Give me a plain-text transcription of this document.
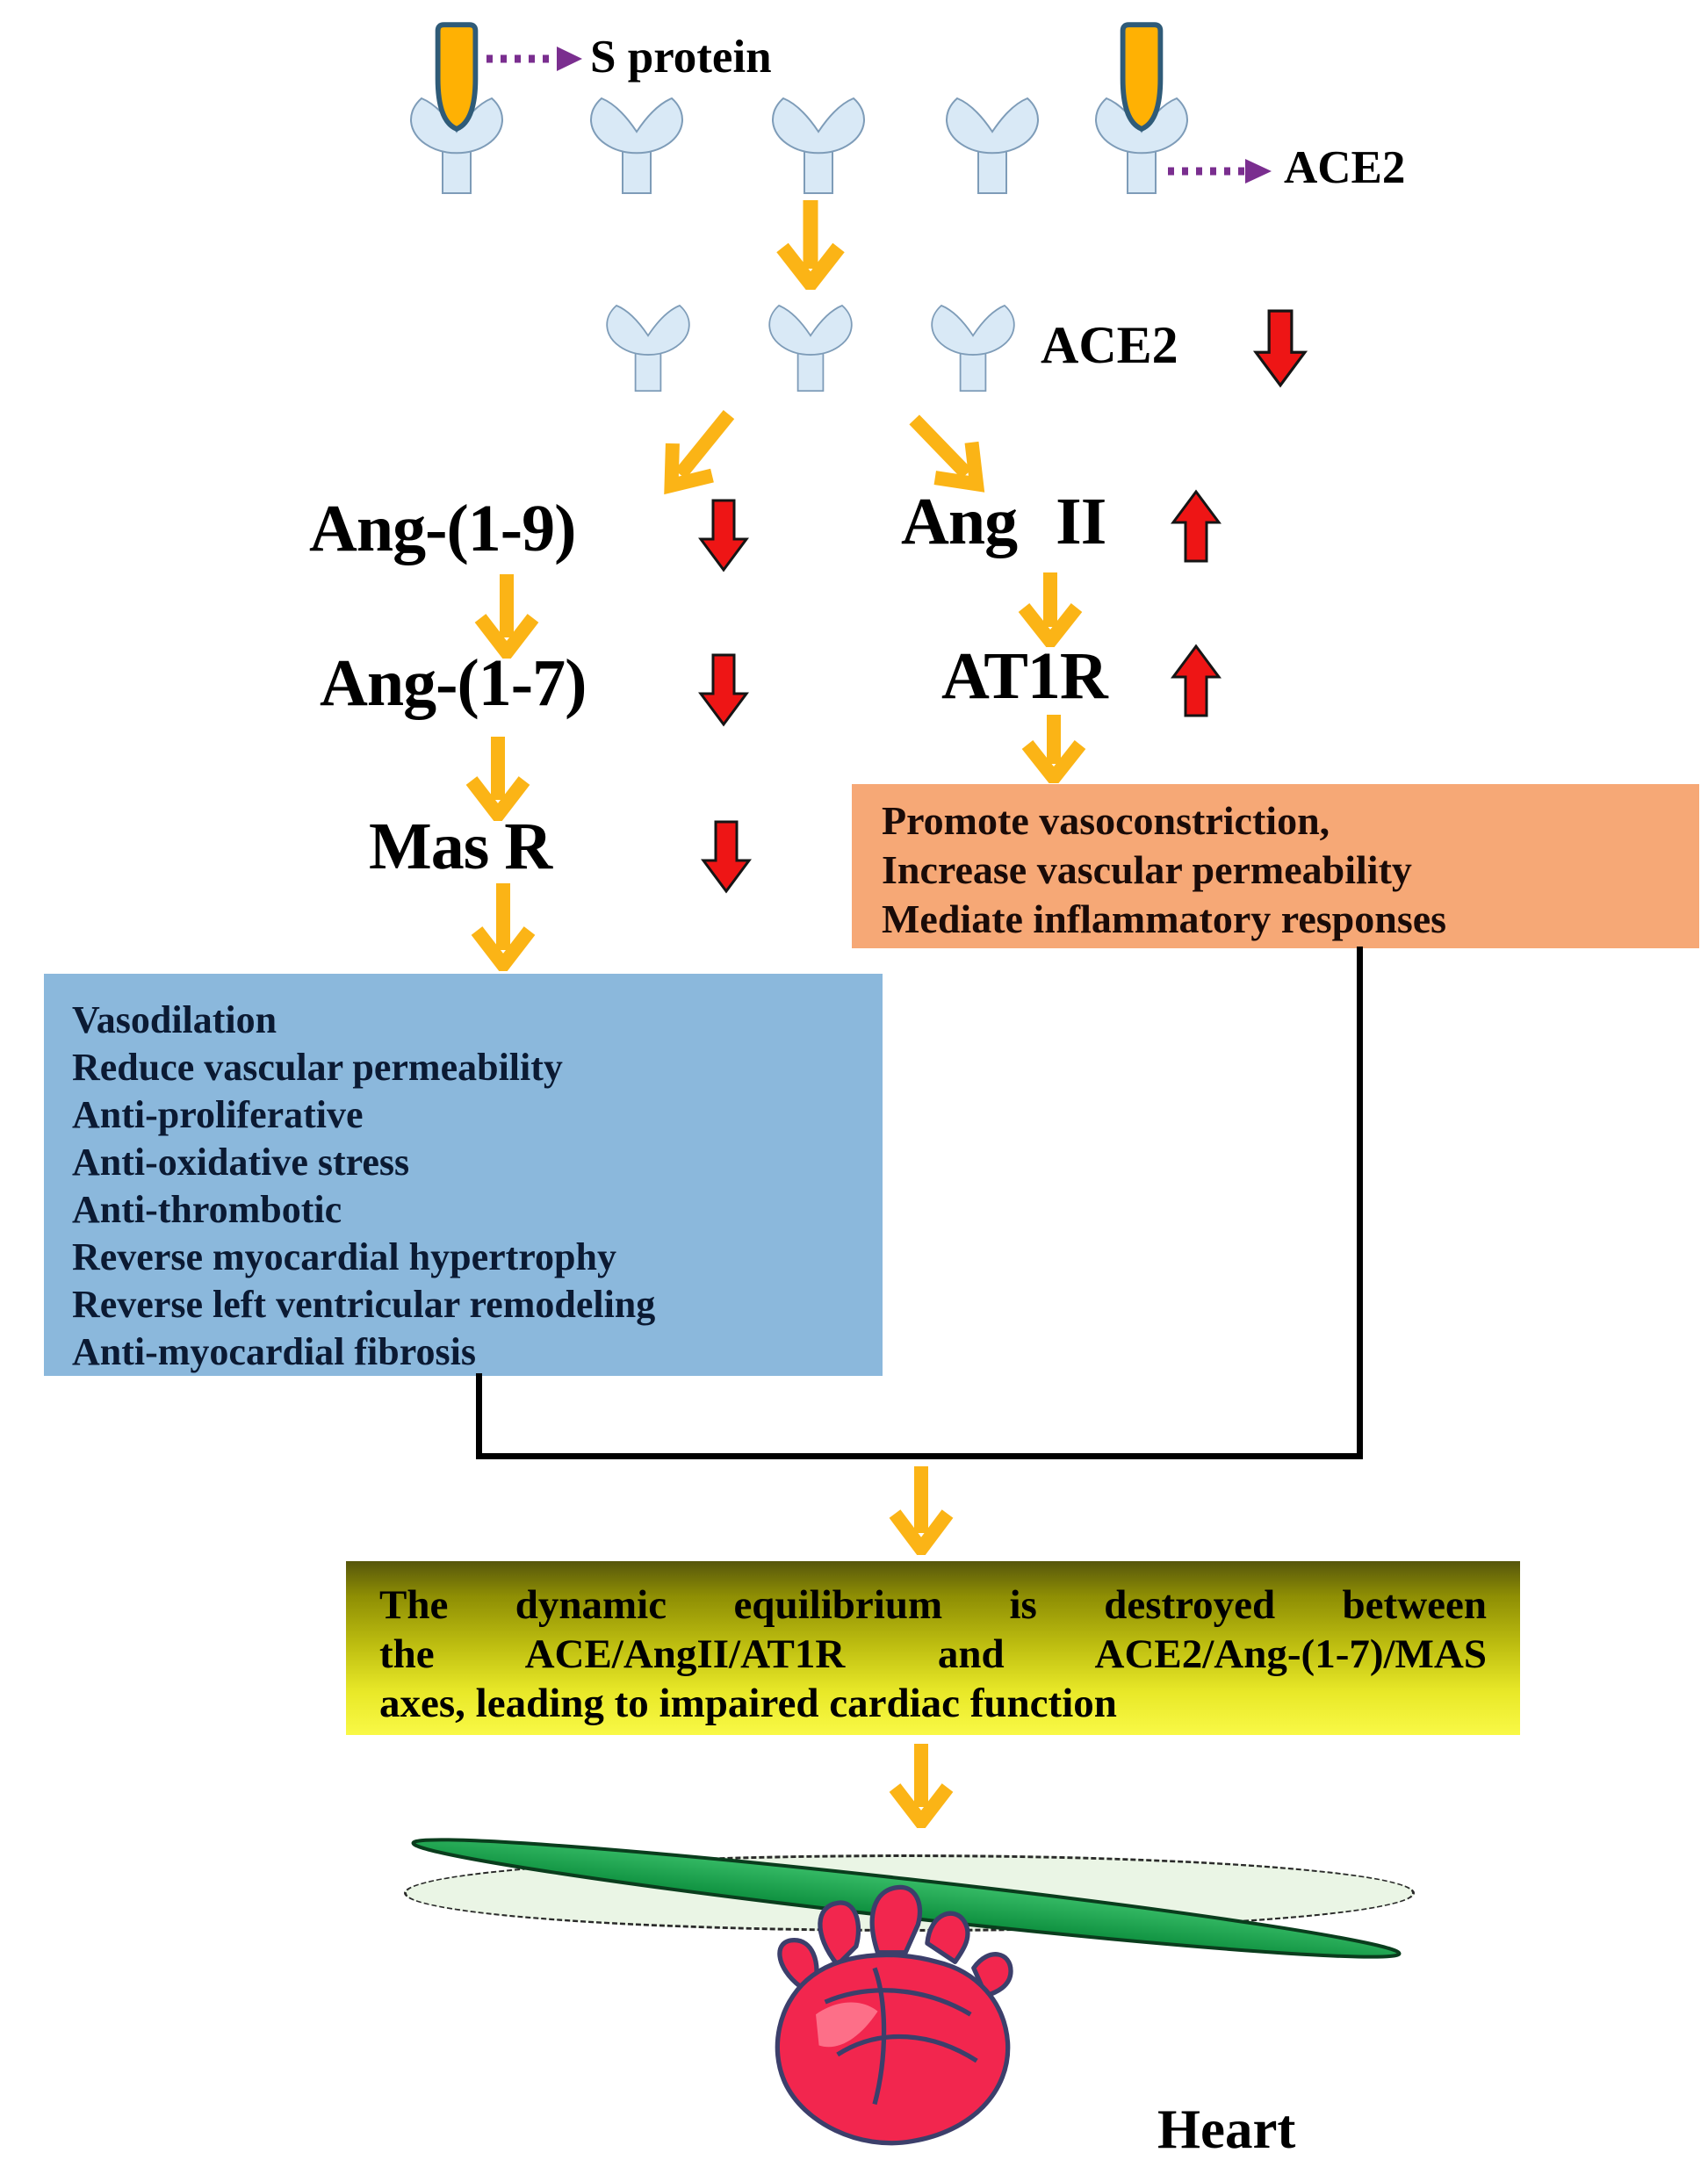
S protein
ACE2
ACE2
Ang-(1-9)
Ang-(1-7)
Mas R
Ang II
AT1R
Promote vasoconstriction,
Increase vascular permeability
Mediate inflammatory responses
Vasodilation
Reduce vascular permeability
Anti-proliferative
Anti-oxidative stress
Anti-thrombotic
Reverse myocardial hypertrophy
Reverse left ventricular remodeling
Anti-myocardial fibrosis
The dynamic equilibrium is destroyed between
the ACE/AngII/AT1R and ACE2/Ang-(1-7)/MAS
axes, leading to impaired cardiac function
Heart
